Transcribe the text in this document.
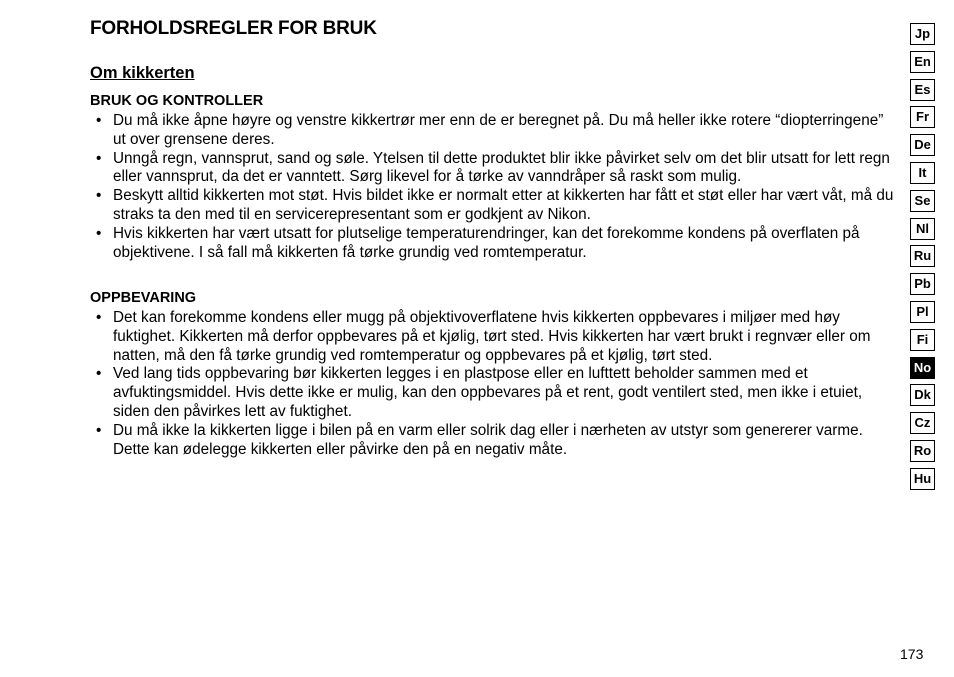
FORHOLDSREGLER FOR BRUK
Om kikkerten
BRUK OG KONTROLLER
• Du må ikke åpne høyre og venstre kikkertrør mer enn de er beregnet på. Du må heller ikke rotere “diopterringene” ut over grensene deres.
• Unngå regn, vannsprut, sand og søle. Ytelsen til dette produktet blir ikke påvirket selv om det blir utsatt for lett regn eller vannsprut, da det er vanntett. Sørg likevel for å tørke av vanndråper så raskt som mulig.
• Beskytt alltid kikkerten mot støt. Hvis bildet ikke er normalt etter at kikkerten har fått et støt eller har vært våt, må du straks ta den med til en servicerepresentant som er godkjent av Nikon.
• Hvis kikkerten har vært utsatt for plutselige temperaturendringer, kan det forekomme kondens på overflaten på objektivene. I så fall må kikkerten få tørke grundig ved romtemperatur.
OPPBEVARING
• Det kan forekomme kondens eller mugg på objektivoverflatene hvis kikkerten oppbevares i miljøer med høy fuktighet. Kikkerten må derfor oppbevares på et kjølig, tørt sted. Hvis kikkerten har vært brukt i regnvær eller om natten, må den få tørke grundig ved romtemperatur og oppbevares på et kjølig, tørt sted.
• Ved lang tids oppbevaring bør kikkerten legges i en plastpose eller en lufttett beholder sammen med et avfuktingsmiddel. Hvis dette ikke er mulig, kan den oppbevares på et rent, godt ventilert sted, men ikke i etuiet, siden den påvirkes lett av fuktighet.
• Du må ikke la kikkerten ligge i bilen på en varm eller solrik dag eller i nærheten av utstyr som genererer varme. Dette kan ødelegge kikkerten eller påvirke den på en negativ måte.
Jp
En
Es
Fr
De
It
Se
Nl
Ru
Pb
Pl
Fi
No
Dk
Cz
Ro
Hu
173
